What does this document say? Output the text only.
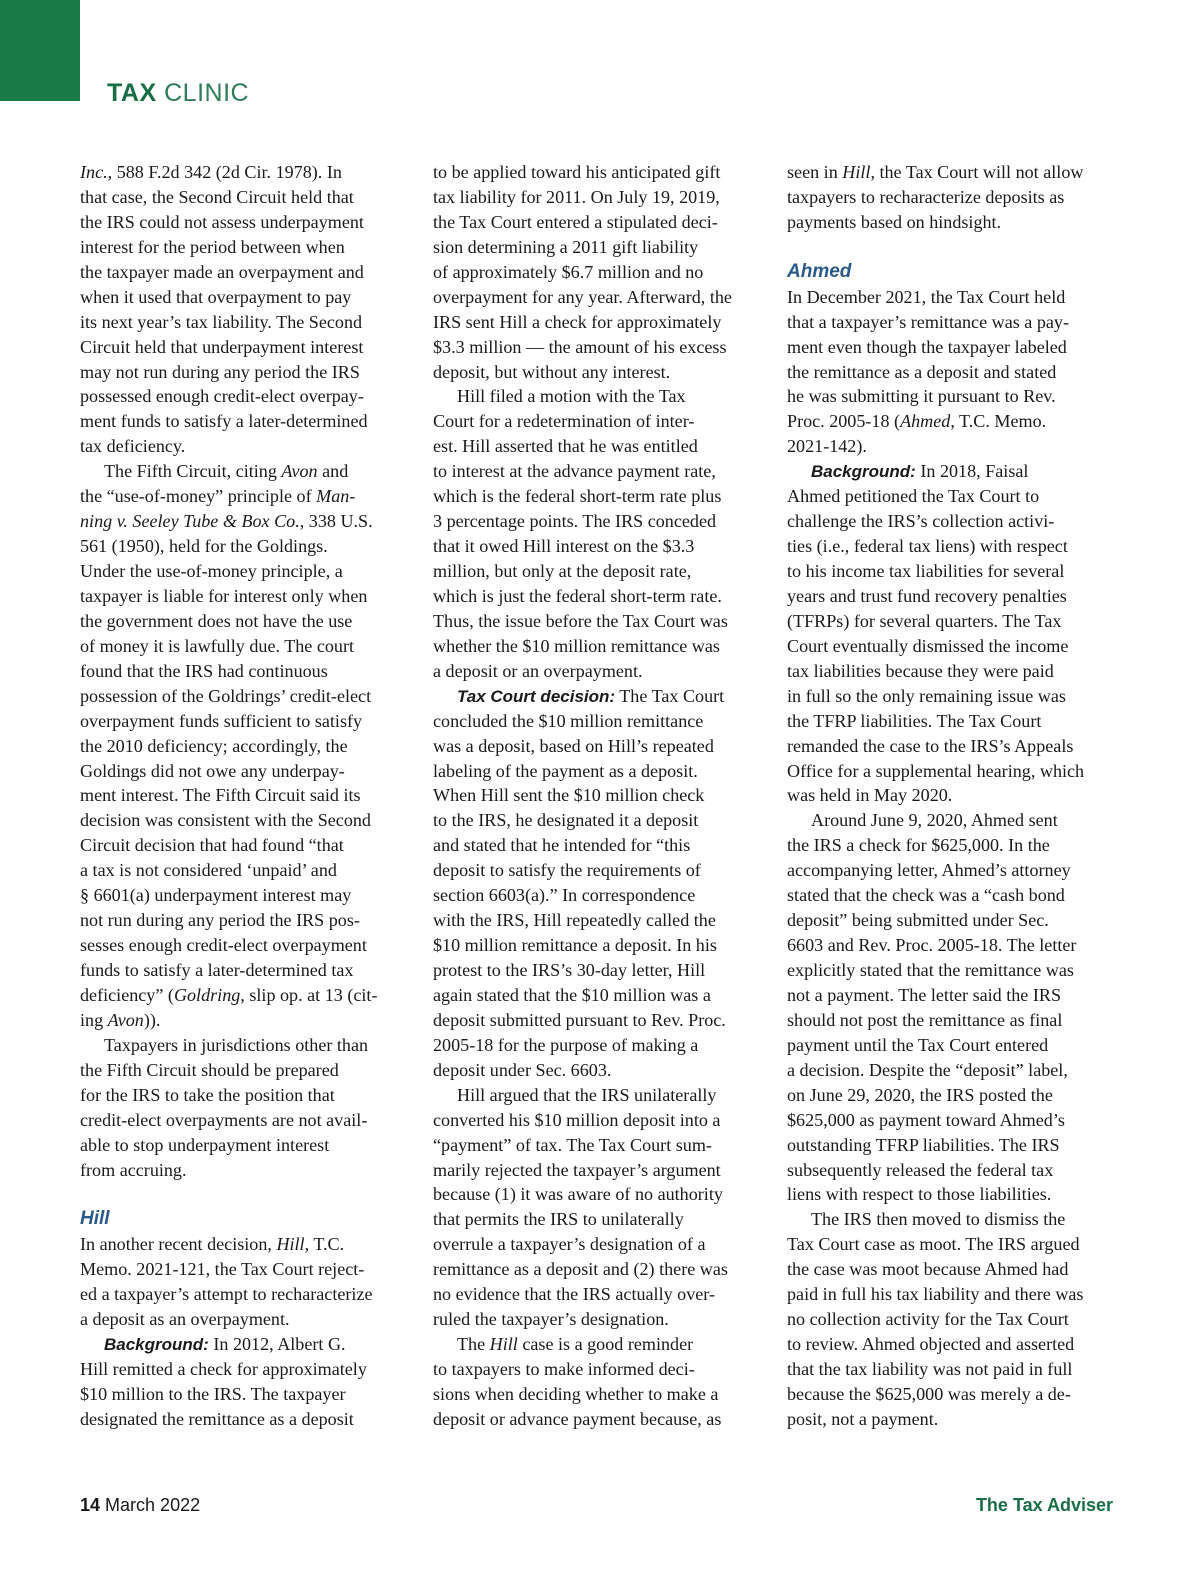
TAX CLINIC
Inc., 588 F.2d 342 (2d Cir. 1978). In
that case, the Second Circuit held that
the IRS could not assess underpayment
interest for the period between when
the taxpayer made an overpayment and
when it used that overpayment to pay
its next year’s tax liability. The Second
Circuit held that underpayment interest
may not run during any period the IRS
possessed enough credit-elect overpay-
ment funds to satisfy a later-determined
tax deficiency.
The Fifth Circuit, citing Avon and
the “use-of-money” principle of Man-
ning v. Seeley Tube & Box Co., 338 U.S.
561 (1950), held for the Goldings.
Under the use-of-money principle, a
taxpayer is liable for interest only when
the government does not have the use
of money it is lawfully due. The court
found that the IRS had continuous
possession of the Goldrings’ credit-elect
overpayment funds sufficient to satisfy
the 2010 deficiency; accordingly, the
Goldings did not owe any underpay-
ment interest. The Fifth Circuit said its
decision was consistent with the Second
Circuit decision that had found “that
a tax is not considered ‘unpaid’ and
§ 6601(a) underpayment interest may
not run during any period the IRS pos-
sesses enough credit-elect overpayment
funds to satisfy a later-determined tax
deficiency” (Goldring, slip op. at 13 (cit-
ing Avon)).
Taxpayers in jurisdictions other than
the Fifth Circuit should be prepared
for the IRS to take the position that
credit-elect overpayments are not avail-
able to stop underpayment interest
from accruing.
Hill
In another recent decision, Hill, T.C.
Memo. 2021-121, the Tax Court reject-
ed a taxpayer’s attempt to recharacterize
a deposit as an overpayment.
Background: In 2012, Albert G.
Hill remitted a check for approximately
$10 million to the IRS. The taxpayer
designated the remittance as a deposit
to be applied toward his anticipated gift
tax liability for 2011. On July 19, 2019,
the Tax Court entered a stipulated deci-
sion determining a 2011 gift liability
of approximately $6.7 million and no
overpayment for any year. Afterward, the
IRS sent Hill a check for approximately
$3.3 million — the amount of his excess
deposit, but without any interest.
Hill filed a motion with the Tax
Court for a redetermination of inter-
est. Hill asserted that he was entitled
to interest at the advance payment rate,
which is the federal short-term rate plus
3 percentage points. The IRS conceded
that it owed Hill interest on the $3.3
million, but only at the deposit rate,
which is just the federal short-term rate.
Thus, the issue before the Tax Court was
whether the $10 million remittance was
a deposit or an overpayment.
Tax Court decision: The Tax Court
concluded the $10 million remittance
was a deposit, based on Hill’s repeated
labeling of the payment as a deposit.
When Hill sent the $10 million check
to the IRS, he designated it a deposit
and stated that he intended for “this
deposit to satisfy the requirements of
section 6603(a).” In correspondence
with the IRS, Hill repeatedly called the
$10 million remittance a deposit. In his
protest to the IRS’s 30-day letter, Hill
again stated that the $10 million was a
deposit submitted pursuant to Rev. Proc.
2005-18 for the purpose of making a
deposit under Sec. 6603.
Hill argued that the IRS unilaterally
converted his $10 million deposit into a
“payment” of tax. The Tax Court sum-
marily rejected the taxpayer’s argument
because (1) it was aware of no authority
that permits the IRS to unilaterally
overrule a taxpayer’s designation of a
remittance as a deposit and (2) there was
no evidence that the IRS actually over-
ruled the taxpayer’s designation.
The Hill case is a good reminder
to taxpayers to make informed deci-
sions when deciding whether to make a
deposit or advance payment because, as
seen in Hill, the Tax Court will not allow
taxpayers to recharacterize deposits as
payments based on hindsight.
Ahmed
In December 2021, the Tax Court held
that a taxpayer’s remittance was a pay-
ment even though the taxpayer labeled
the remittance as a deposit and stated
he was submitting it pursuant to Rev.
Proc. 2005-18 (Ahmed, T.C. Memo.
2021-142).
Background: In 2018, Faisal
Ahmed petitioned the Tax Court to
challenge the IRS’s collection activi-
ties (i.e., federal tax liens) with respect
to his income tax liabilities for several
years and trust fund recovery penalties
(TFRPs) for several quarters. The Tax
Court eventually dismissed the income
tax liabilities because they were paid
in full so the only remaining issue was
the TFRP liabilities. The Tax Court
remanded the case to the IRS’s Appeals
Office for a supplemental hearing, which
was held in May 2020.
Around June 9, 2020, Ahmed sent
the IRS a check for $625,000. In the
accompanying letter, Ahmed’s attorney
stated that the check was a “cash bond
deposit” being submitted under Sec.
6603 and Rev. Proc. 2005-18. The letter
explicitly stated that the remittance was
not a payment. The letter said the IRS
should not post the remittance as final
payment until the Tax Court entered
a decision. Despite the “deposit” label,
on June 29, 2020, the IRS posted the
$625,000 as payment toward Ahmed’s
outstanding TFRP liabilities. The IRS
subsequently released the federal tax
liens with respect to those liabilities.
The IRS then moved to dismiss the
Tax Court case as moot. The IRS argued
the case was moot because Ahmed had
paid in full his tax liability and there was
no collection activity for the Tax Court
to review. Ahmed objected and asserted
that the tax liability was not paid in full
because the $625,000 was merely a de-
posit, not a payment.
14 March 2022	The Tax Adviser
